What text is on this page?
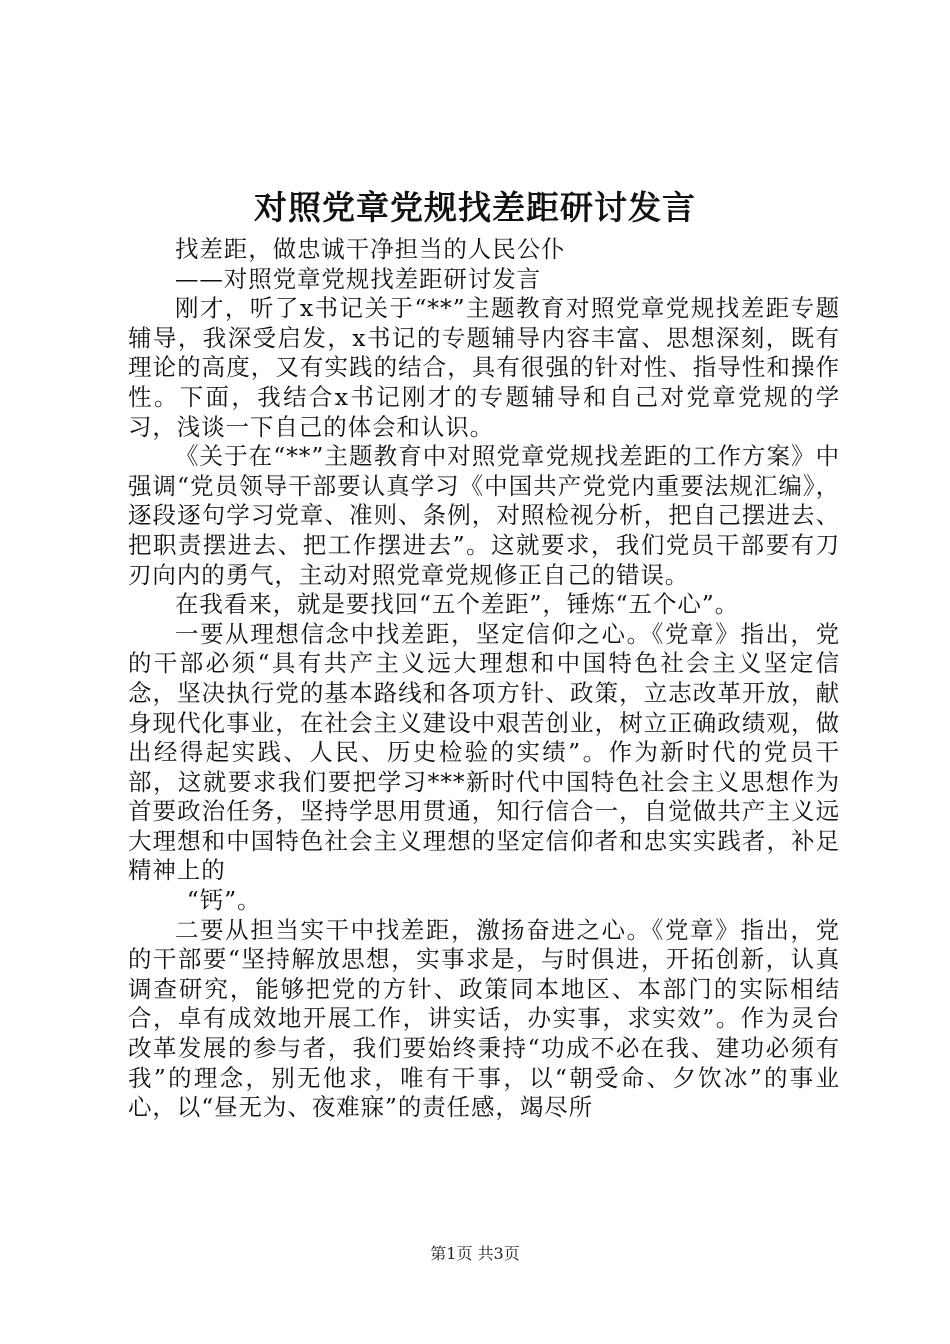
对照党章党规找差距研讨发言

找差距，做忠诚干净担当的人民公仆

——对照党章党规找差距研讨发言

刚才，听了x书记关于“**”主题教育对照党章党规找差距专题辅导，我深受启发，x书记的专题辅导内容丰富、思想深刻，既有理论的高度，又有实践的结合，具有很强的针对性、指导性和操作性。下面，我结合x书记刚才的专题辅导和自己对党章党规的学习，浅谈一下自己的体会和认识。

《关于在“**”主题教育中对照党章党规找差距的工作方案》中强调“党员领导干部要认真学习《中国共产党党内重要法规汇编》，逐段逐句学习党章、准则、条例，对照检视分析，把自己摆进去、把职责摆进去、把工作摆进去”。这就要求，我们党员干部要有刀刃向内的勇气，主动对照党章党规修正自己的错误。

在我看来，就是要找回“五个差距”，锤炼“五个心”。

一要从理想信念中找差距，坚定信仰之心。《党章》指出，党的干部必须“具有共产主义远大理想和中国特色社会主义坚定信念，坚决执行党的基本路线和各项方针、政策，立志改革开放，献身现代化事业，在社会主义建设中艰苦创业，树立正确政绩观，做出经得起实践、人民、历史检验的实绩”。作为新时代的党员干部，这就要求我们要把学习***新时代中国特色社会主义思想作为首要政治任务，坚持学思用贯通，知行信合一，自觉做共产主义远大理想和中国特色社会主义理想的坚定信仰者和忠实实践者，补足精神上的

“钙”。

二要从担当实干中找差距，激扬奋进之心。《党章》指出，党的干部要“坚持解放思想，实事求是，与时俱进，开拓创新，认真调查研究，能够把党的方针、政策同本地区、本部门的实际相结合，卓有成效地开展工作，讲实话，办实事，求实效”。作为灵台改革发展的参与者，我们要始终秉持“功成不必在我、建功必须有我”的理念，别无他求，唯有干事，以“朝受命、夕饮冰”的事业心，以“昼无为、夜难寐”的责任感，竭尽所

第1页 共3页
